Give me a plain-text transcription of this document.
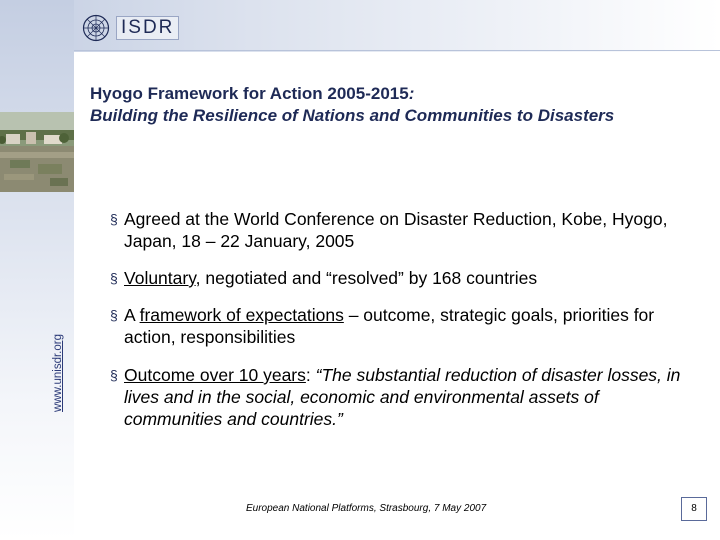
ISDR
Hyogo Framework for Action 2005-2015:
Building the Resilience of Nations and Communities to Disasters
§ Agreed at the World Conference on Disaster Reduction, Kobe, Hyogo, Japan, 18 – 22 January, 2005
§ Voluntary, negotiated and “resolved” by 168 countries
§ A framework of expectations – outcome, strategic goals, priorities for action, responsibilities
§ Outcome over 10 years: “The substantial reduction of disaster losses, in lives and in the social, economic and environmental assets of communities and countries.”
www.unisdr.org
European National Platforms, Strasbourg, 7 May 2007	8
